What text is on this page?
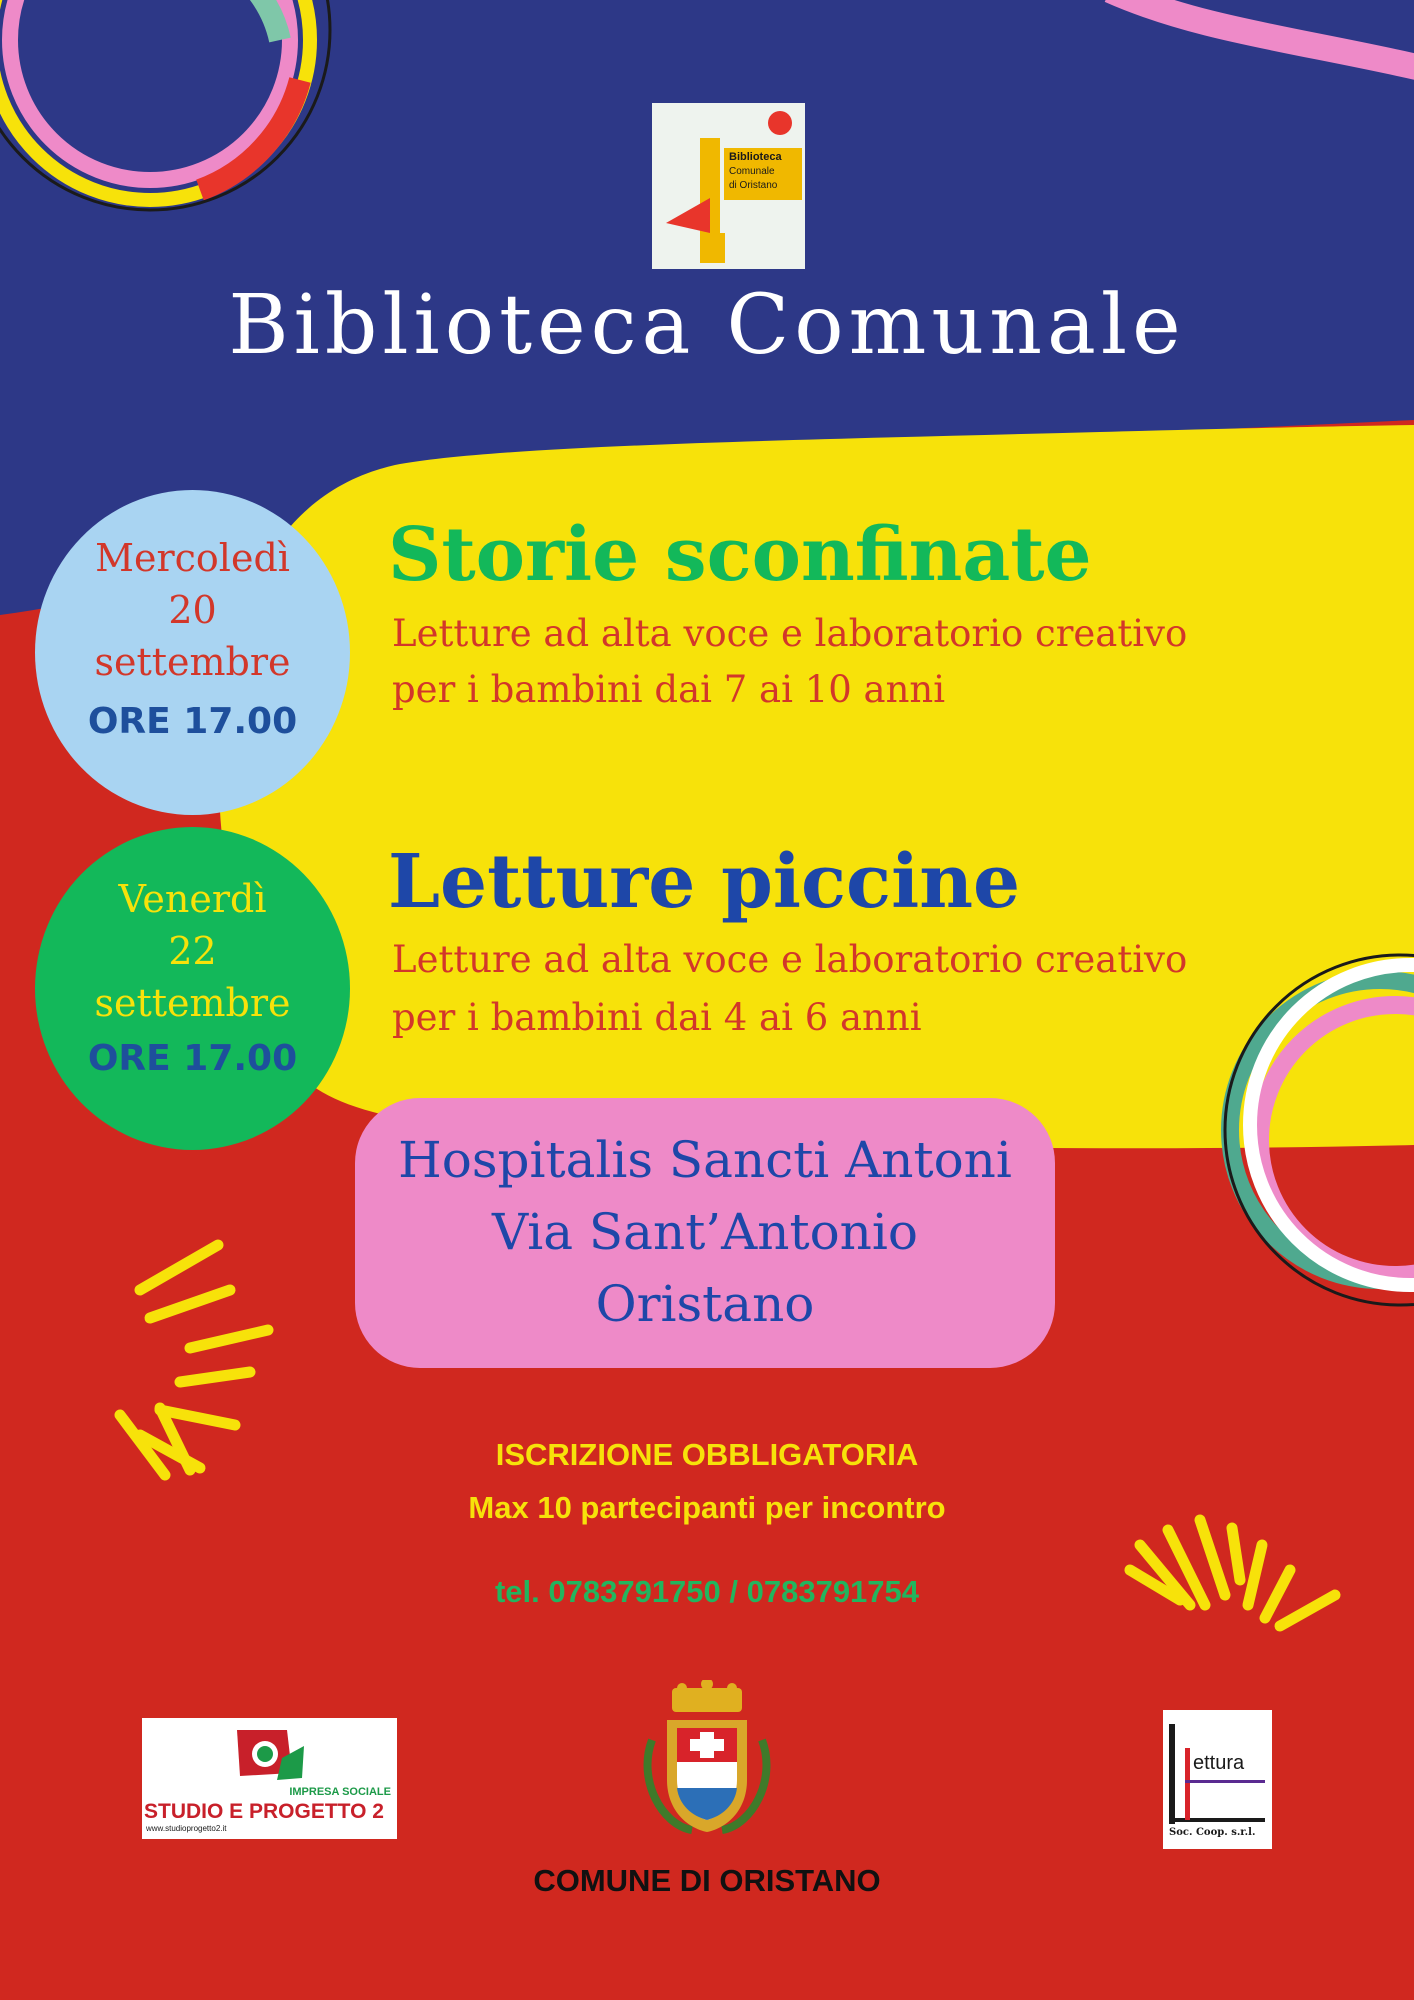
Biblioteca
Comunale
di Oristano
Biblioteca Comunale
Mercoledì
20
settembre
ORE 17.00
Storie sconfinate
Letture ad alta voce e laboratorio creativo
per i bambini dai 7 ai 10 anni
Venerdì
22
settembre
ORE 17.00
Letture piccine
Letture ad alta voce e laboratorio creativo
per i bambini dai 4 ai 6 anni
Hospitalis Sancti Antoni
Via Sant’Antonio
Oristano
ISCRIZIONE OBBLIGATORIA
Max 10 partecipanti per incontro
tel. 0783791750 / 0783791754
IMPRESA SOCIALE
STUDIO E PROGETTO 2
www.studioprogetto2.it
ettura
Soc. Coop. s.r.l.
COMUNE DI ORISTANO
